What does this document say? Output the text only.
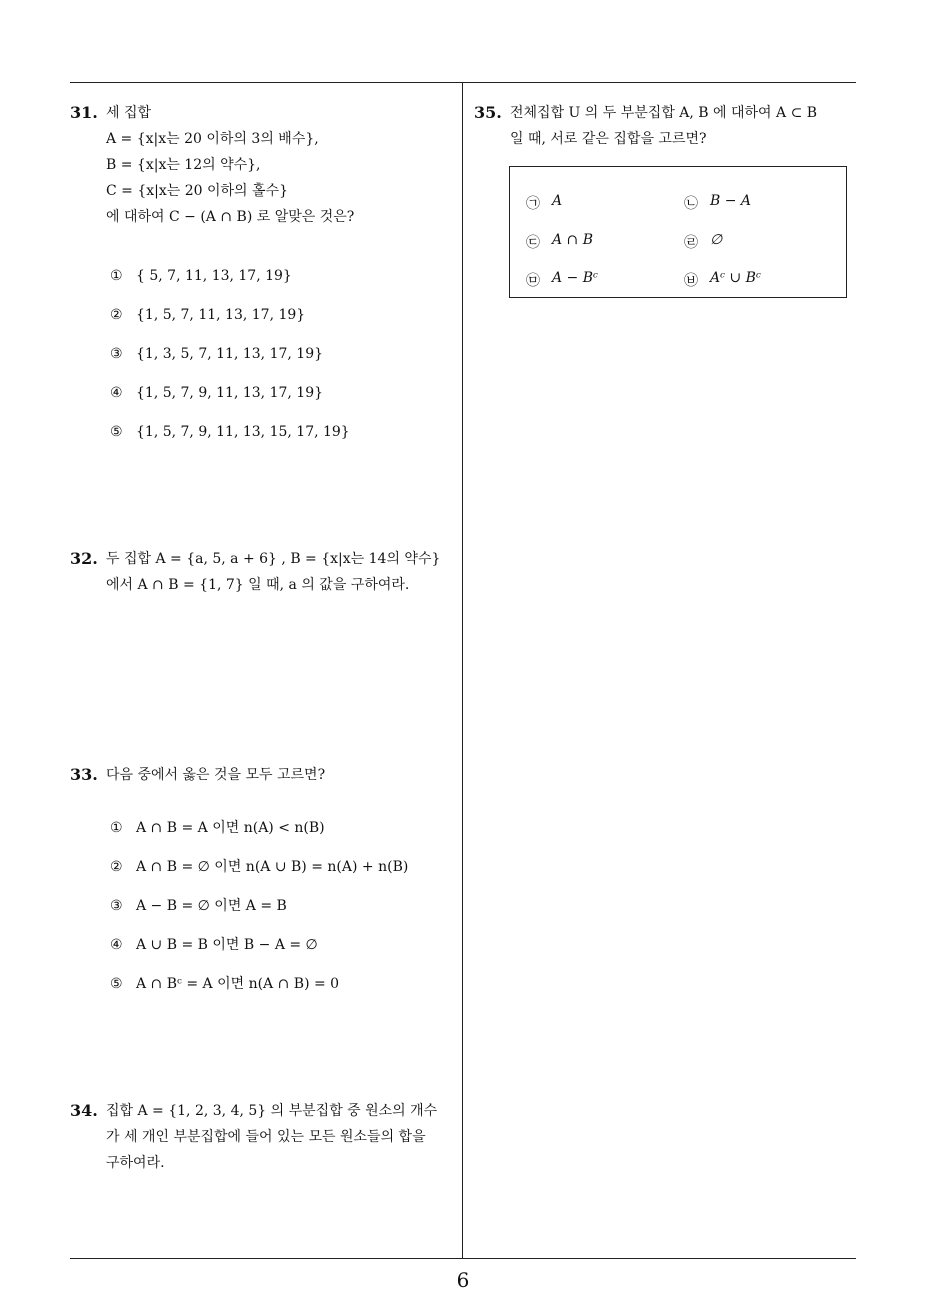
31. 세 집합
A = {x|x는 20 이하의 3의 배수},
B = {x|x는 12의 약수},
C = {x|x는 20 이하의 홀수}
에 대하여 C − (A ∩ B) 로 알맞은 것은?
① { 5, 7, 11, 13, 17, 19}
② {1, 5, 7, 11, 13, 17, 19}
③ {1, 3, 5, 7, 11, 13, 17, 19}
④ {1, 5, 7, 9, 11, 13, 17, 19}
⑤ {1, 5, 7, 9, 11, 13, 15, 17, 19}
32. 두 집합 A = {a, 5, a + 6} , B = {x|x는 14의 약수}
에서 A ∩ B = {1, 7} 일 때, a 의 값을 구하여라.
33. 다음 중에서 옳은 것을 모두 고르면?
① A ∩ B = A 이면 n(A) < n(B)
② A ∩ B = ∅ 이면 n(A ∪ B) = n(A) + n(B)
③ A − B = ∅ 이면 A = B
④ A ∪ B = B 이면 B − A = ∅
⑤ A ∩ Bᶜ = A 이면 n(A ∩ B) = 0
34. 집합 A = {1, 2, 3, 4, 5} 의 부분집합 중 원소의 개수
가 세 개인 부분집합에 들어 있는 모든 원소들의 합을
구하여라.
35. 전체집합 U 의 두 부분집합 A, B 에 대하여 A ⊂ B
일 때, 서로 같은 집합을 고르면?
㉠ A	㉡ B − A
㉢ A ∩ B	㉣ ∅
㉤ A − Bᶜ	㉥ Aᶜ ∪ Bᶜ
6
